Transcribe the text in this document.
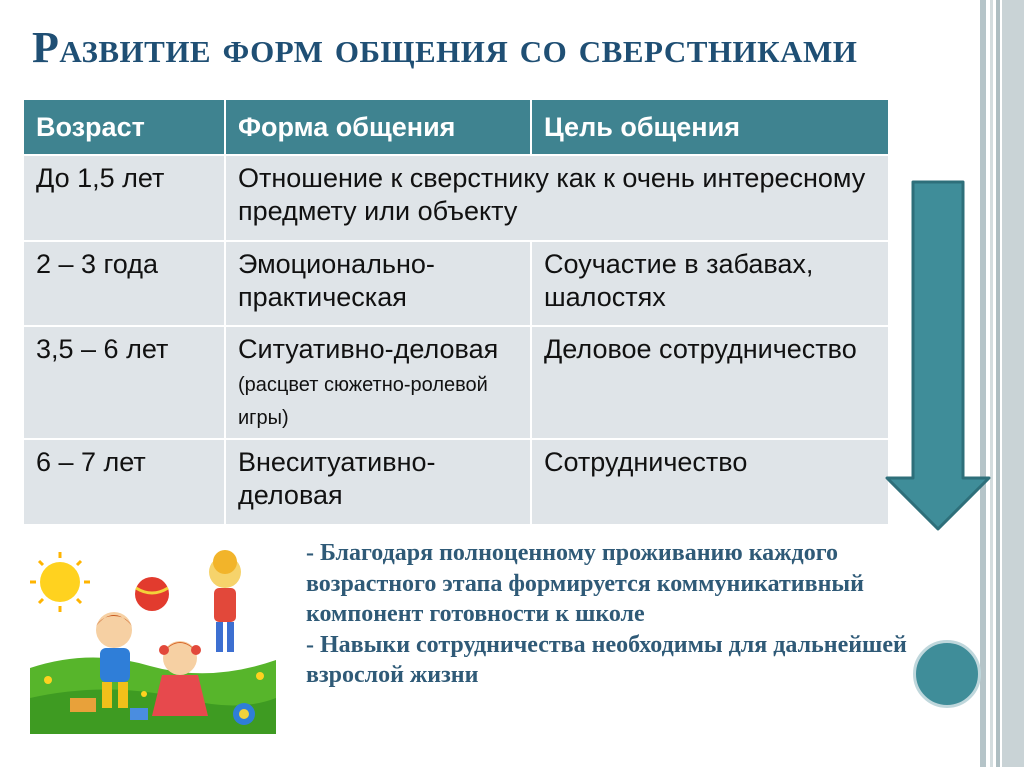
Развитие форм общения со сверстниками
Возраст	Форма общения	Цель общения
До 1,5 лет	Отношение к сверстнику как к очень интересному предмету или объекту	
2 – 3 года	Эмоционально-практическая	Соучастие в забавах, шалостях
3,5 – 6 лет	Ситуативно-деловая (расцвет сюжетно-ролевой игры)	Деловое сотрудничество
6 – 7 лет	Внеситуативно-деловая	Сотрудничество

- Благодаря полноценному проживанию каждого возрастного этапа формируется коммуникативный компонент готовности к школе

- Навыки сотрудничества необходимы для дальнейшей взрослой жизни
